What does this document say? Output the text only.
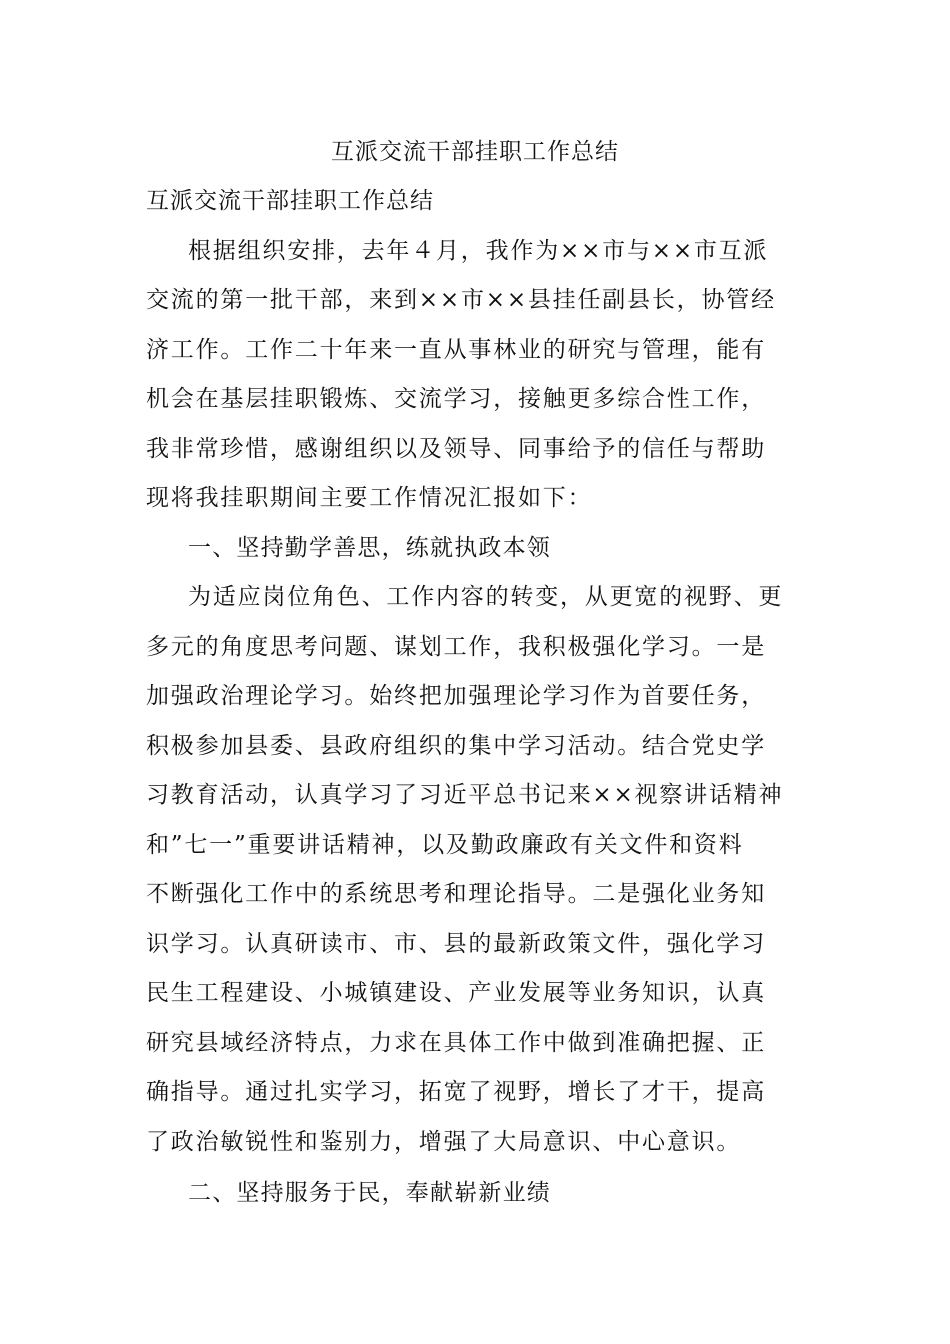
互派交流干部挂职工作总结
互派交流干部挂职工作总结
根据组织安排，去年４月，我作为××市与××市互派
交流的第一批干部，来到××市××县挂任副县长，协管经
济工作。工作二十年来一直从事林业的研究与管理，能有
机会在基层挂职锻炼、交流学习，接触更多综合性工作，
我非常珍惜，感谢组织以及领导、同事给予的信任与帮助
现将我挂职期间主要工作情况汇报如下：
一、坚持勤学善思，练就执政本领
为适应岗位角色、工作内容的转变，从更宽的视野、更
多元的角度思考问题、谋划工作，我积极强化学习。一是
加强政治理论学习。始终把加强理论学习作为首要任务，
积极参加县委、县政府组织的集中学习活动。结合党史学
习教育活动，认真学习了习近平总书记来××视察讲话精神
和”七一”重要讲话精神，以及勤政廉政有关文件和资料
不断强化工作中的系统思考和理论指导。二是强化业务知
识学习。认真研读市、市、县的最新政策文件，强化学习
民生工程建设、小城镇建设、产业发展等业务知识，认真
研究县域经济特点，力求在具体工作中做到准确把握、正
确指导。通过扎实学习，拓宽了视野，增长了才干，提高
了政治敏锐性和鉴别力，增强了大局意识、中心意识。
二、坚持服务于民，奉献崭新业绩
